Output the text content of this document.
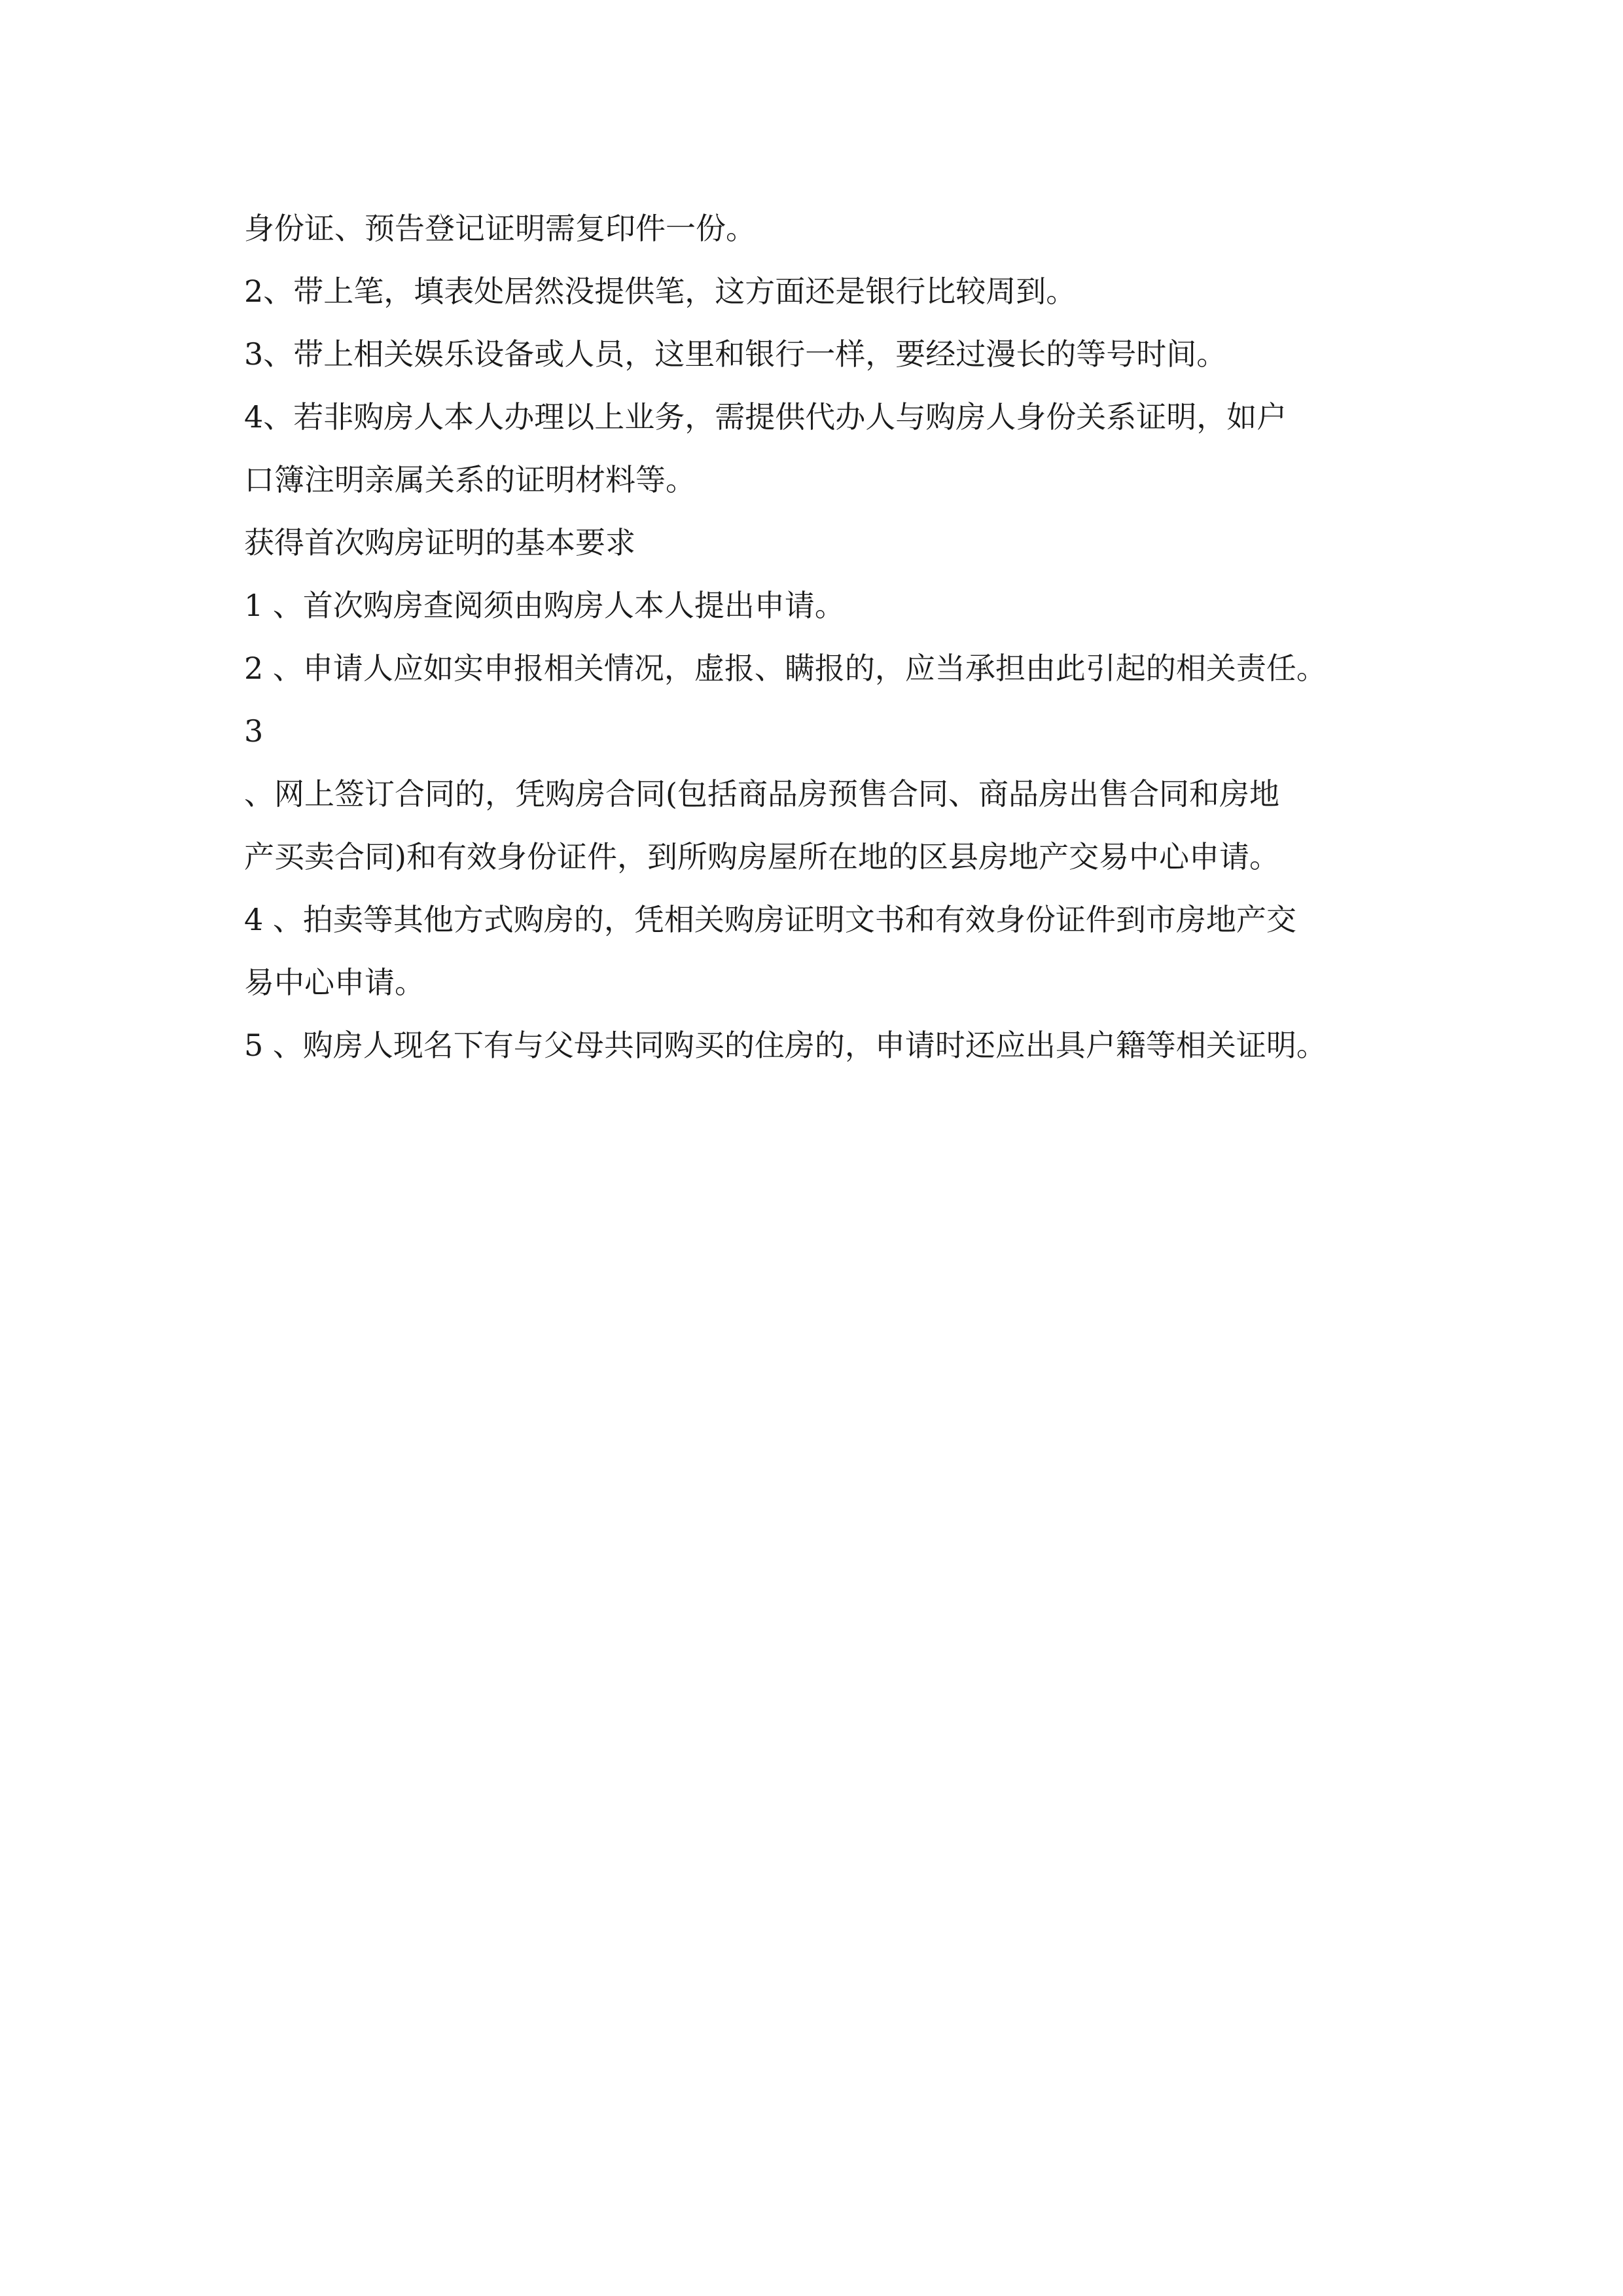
身份证、预告登记证明需复印件一份。

2、带上笔，填表处居然没提供笔，这方面还是银行比较周到。

3、带上相关娱乐设备或人员，这里和银行一样，要经过漫长的等号时间。

4、若非购房人本人办理以上业务，需提供代办人与购房人身份关系证明，如户

口簿注明亲属关系的证明材料等。

获得首次购房证明的基本要求

1 、首次购房查阅须由购房人本人提出申请。

2 、申请人应如实申报相关情况，虚报、瞒报的，应当承担由此引起的相关责任。

3

、网上签订合同的，凭购房合同(包括商品房预售合同、商品房出售合同和房地

产买卖合同)和有效身份证件，到所购房屋所在地的区县房地产交易中心申请。

4 、拍卖等其他方式购房的，凭相关购房证明文书和有效身份证件到市房地产交

易中心申请。

5 、购房人现名下有与父母共同购买的住房的，申请时还应出具户籍等相关证明。
